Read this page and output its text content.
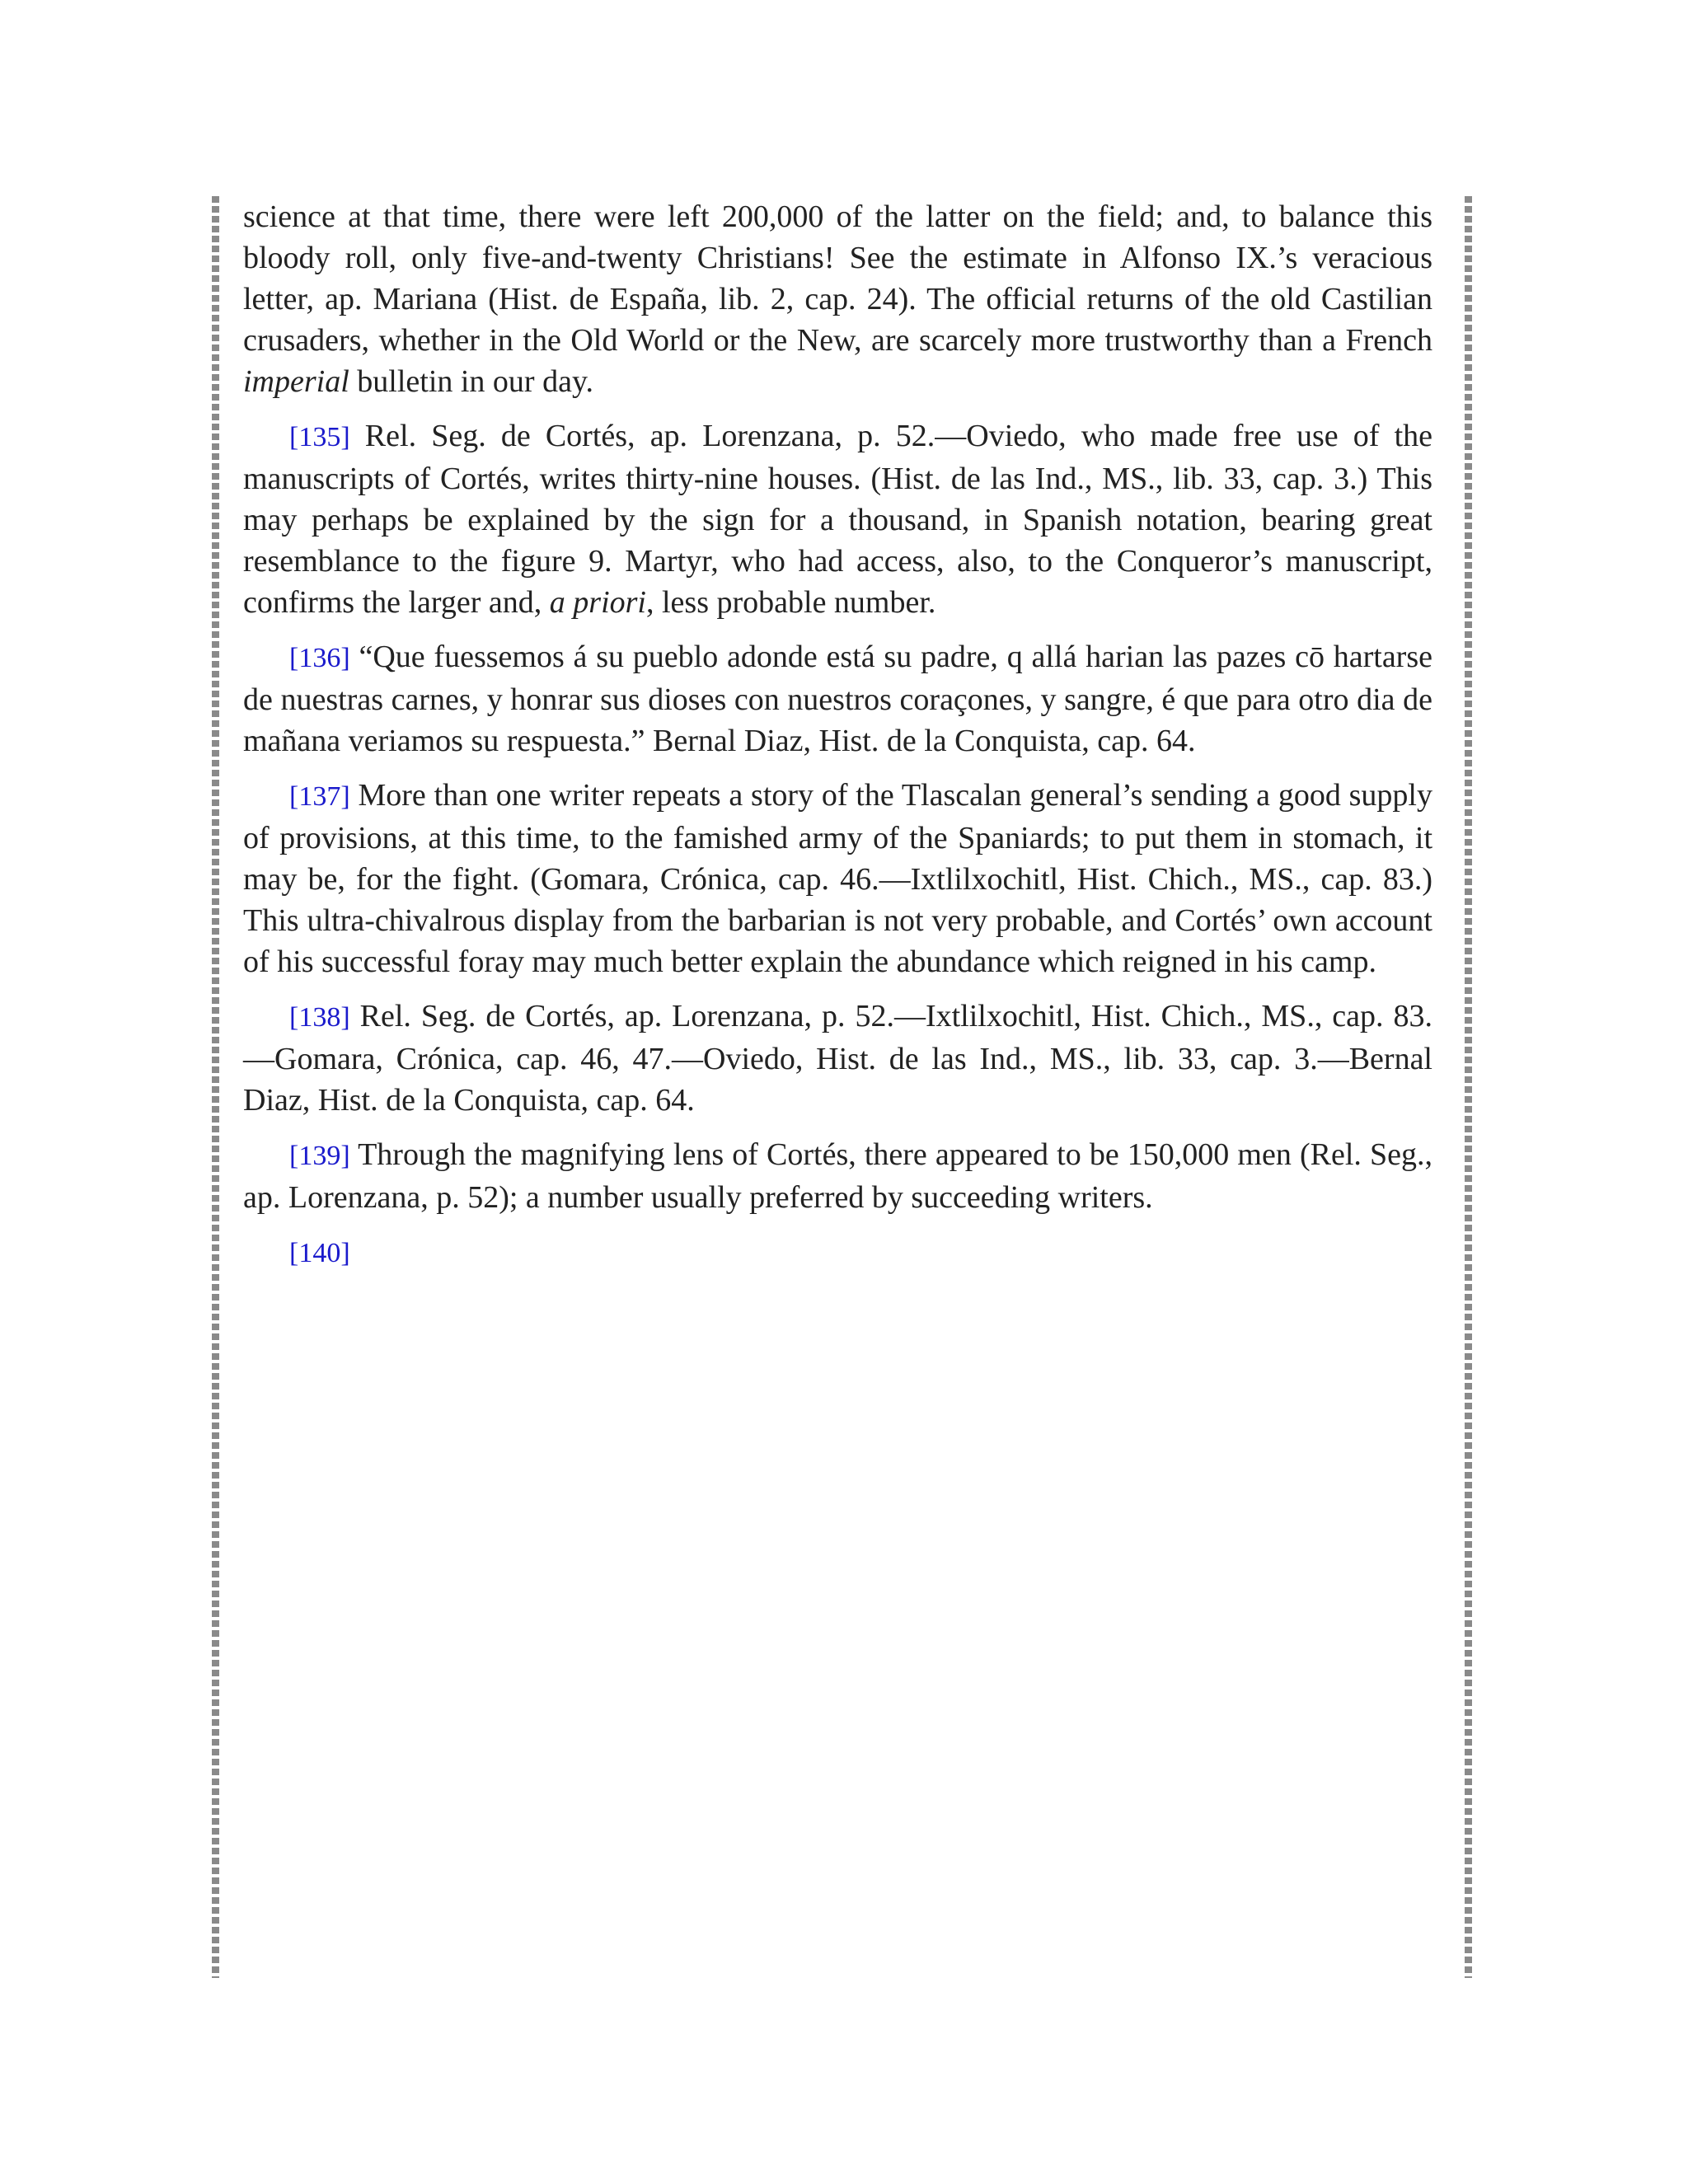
science at that time, there were left 200,000 of the latter on the field; and, to balance this bloody roll, only five-and-twenty Christians! See the estimate in Alfonso IX.’s veracious letter, ap. Mariana (Hist. de España, lib. 2, cap. 24). The official returns of the old Castilian crusaders, whether in the Old World or the New, are scarcely more trustworthy than a French imperial bulletin in our day.

[135] Rel. Seg. de Cortés, ap. Lorenzana, p. 52.—Oviedo, who made free use of the manuscripts of Cortés, writes thirty-nine houses. (Hist. de las Ind., MS., lib. 33, cap. 3.) This may perhaps be explained by the sign for a thousand, in Spanish notation, bearing great resemblance to the figure 9. Martyr, who had access, also, to the Conqueror’s manuscript, confirms the larger and, a priori, less probable number.

[136] “Que fuessemos á su pueblo adonde está su padre, q allá harian las pazes cō hartarse de nuestras carnes, y honrar sus dioses con nuestros coraçones, y sangre, é que para otro dia de mañana veriamos su respuesta.” Bernal Diaz, Hist. de la Conquista, cap. 64.

[137] More than one writer repeats a story of the Tlascalan general’s sending a good supply of provisions, at this time, to the famished army of the Spaniards; to put them in stomach, it may be, for the fight. (Gomara, Crónica, cap. 46.—Ixtlilxochitl, Hist. Chich., MS., cap. 83.) This ultra-chivalrous display from the barbarian is not very probable, and Cortés’ own account of his successful foray may much better explain the abundance which reigned in his camp.

[138] Rel. Seg. de Cortés, ap. Lorenzana, p. 52.—Ixtlilxochitl, Hist. Chich., MS., cap. 83.—Gomara, Crónica, cap. 46, 47.—Oviedo, Hist. de las Ind., MS., lib. 33, cap. 3.—Bernal Diaz, Hist. de la Conquista, cap. 64.

[139] Through the magnifying lens of Cortés, there appeared to be 150,000 men (Rel. Seg., ap. Lorenzana, p. 52); a number usually preferred by succeeding writers.

[140]
